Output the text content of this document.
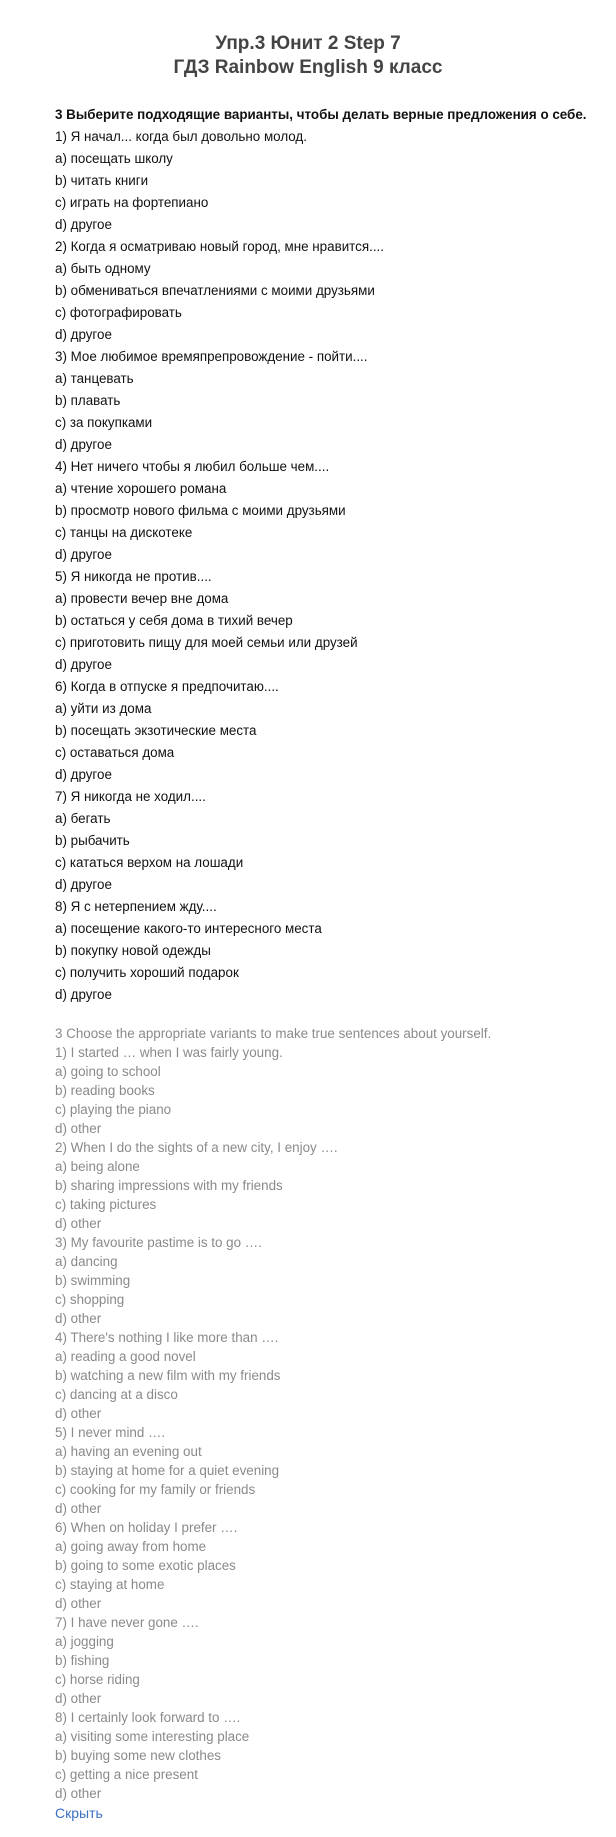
Упр.3 Юнит 2 Step 7
ГДЗ Rainbow English 9 класс
3 Выберите подходящие варианты, чтобы делать верные предложения о себе.
1) Я начал... когда был довольно молод.
a) посещать школу
b) читать книги
c) играть на фортепиано
d) другое
2) Когда я осматриваю новый город, мне нравится....
a) быть одному
b) обмениваться впечатлениями с моими друзьями
c) фотографировать
d) другое
3) Мое любимое времяпрепровождение - пойти....
a) танцевать
b) плавать
c) за покупками
d) другое
4) Нет ничего чтобы я любил больше чем....
a) чтение хорошего романа
b) просмотр нового фильма с моими друзьями
c) танцы на дискотеке
d) другое
5) Я никогда не против....
a) провести вечер вне дома
b) остаться у себя дома в тихий вечер
c) приготовить пищу для моей семьи или друзей
d) другое
6) Когда в отпуске я предпочитаю....
a) уйти из дома
b) посещать экзотические места
c) оставаться дома
d) другое
7) Я никогда не ходил....
a) бегать
b) рыбачить
c) кататься верхом на лошади
d) другое
8) Я с нетерпением жду....
a) посещение какого-то интересного места
b) покупку новой одежды
c) получить хороший подарок
d) другое
3 Choose the appropriate variants to make true sentences about yourself.
1) I started … when I was fairly young.
a) going to school
b) reading books
c) playing the piano
d) other
2) When I do the sights of a new city, I enjoy ….
a) being alone
b) sharing impressions with my friends
c) taking pictures
d) other
3) My favourite pastime is to go ….
a) dancing
b) swimming
c) shopping
d) other
4) There's nothing I like more than ….
a) reading a good novel
b) watching a new film with my friends
c) dancing at a disco
d) other
5) I never mind ….
a) having an evening out
b) staying at home for a quiet evening
c) cooking for my family or friends
d) other
6) When on holiday I prefer ….
a) going away from home
b) going to some exotic places
c) staying at home
d) other
7) I have never gone ….
a) jogging
b) fishing
c) horse riding
d) other
8) I certainly look forward to ….
a) visiting some interesting place
b) buying some new clothes
c) getting a nice present
d) other
Скрыть
